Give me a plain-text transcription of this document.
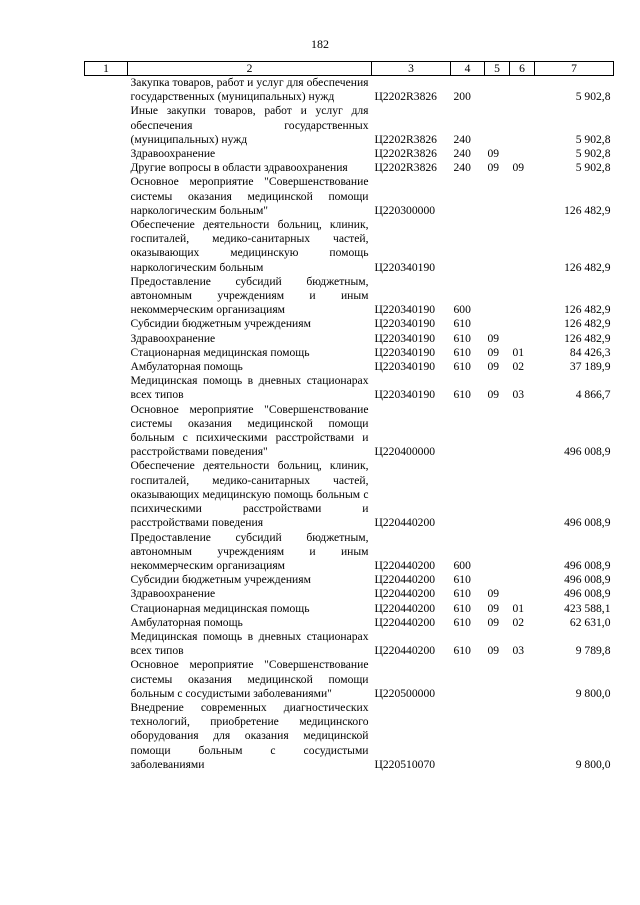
182
1	2	3	4	5	6	7
	Закупка товаров, работ и услуг для обеспечения государственных (муниципальных) нужд	Ц2202R3826	200			5 902,8
	Иные закупки товаров, работ и услуг для обеспечения государственных (муниципальных) нужд	Ц2202R3826	240			5 902,8
	Здравоохранение	Ц2202R3826	240	09		5 902,8
	Другие вопросы в области здравоохранения	Ц2202R3826	240	09	09	5 902,8
	Основное мероприятие "Совершенствование системы оказания медицинской помощи наркологическим больным"	Ц220300000				126 482,9
	Обеспечение деятельности больниц, клиник, госпиталей, медико-санитарных частей, оказывающих медицинскую помощь наркологическим больным	Ц220340190				126 482,9
	Предоставление субсидий бюджетным, автономным учреждениям и иным некоммерческим организациям	Ц220340190	600			126 482,9
	Субсидии бюджетным учреждениям	Ц220340190	610			126 482,9
	Здравоохранение	Ц220340190	610	09		126 482,9
	Стационарная медицинская помощь	Ц220340190	610	09	01	84 426,3
	Амбулаторная помощь	Ц220340190	610	09	02	37 189,9
	Медицинская помощь в дневных стационарах всех типов	Ц220340190	610	09	03	4 866,7
	Основное мероприятие "Совершенствование системы оказания медицинской помощи больным с психическими расстройствами и расстройствами поведения"	Ц220400000				496 008,9
	Обеспечение деятельности больниц, клиник, госпиталей, медико-санитарных частей, оказывающих медицинскую помощь больным с психическими расстройствами и расстройствами поведения	Ц220440200				496 008,9
	Предоставление субсидий бюджетным, автономным учреждениям и иным некоммерческим организациям	Ц220440200	600			496 008,9
	Субсидии бюджетным учреждениям	Ц220440200	610			496 008,9
	Здравоохранение	Ц220440200	610	09		496 008,9
	Стационарная медицинская помощь	Ц220440200	610	09	01	423 588,1
	Амбулаторная помощь	Ц220440200	610	09	02	62 631,0
	Медицинская помощь в дневных стационарах всех типов	Ц220440200	610	09	03	9 789,8
	Основное мероприятие "Совершенствование системы оказания медицинской помощи больным с сосудистыми заболеваниями"	Ц220500000				9 800,0
	Внедрение современных диагностических технологий, приобретение медицинского оборудования для оказания медицинской помощи больным с сосудистыми заболеваниями	Ц220510070				9 800,0
